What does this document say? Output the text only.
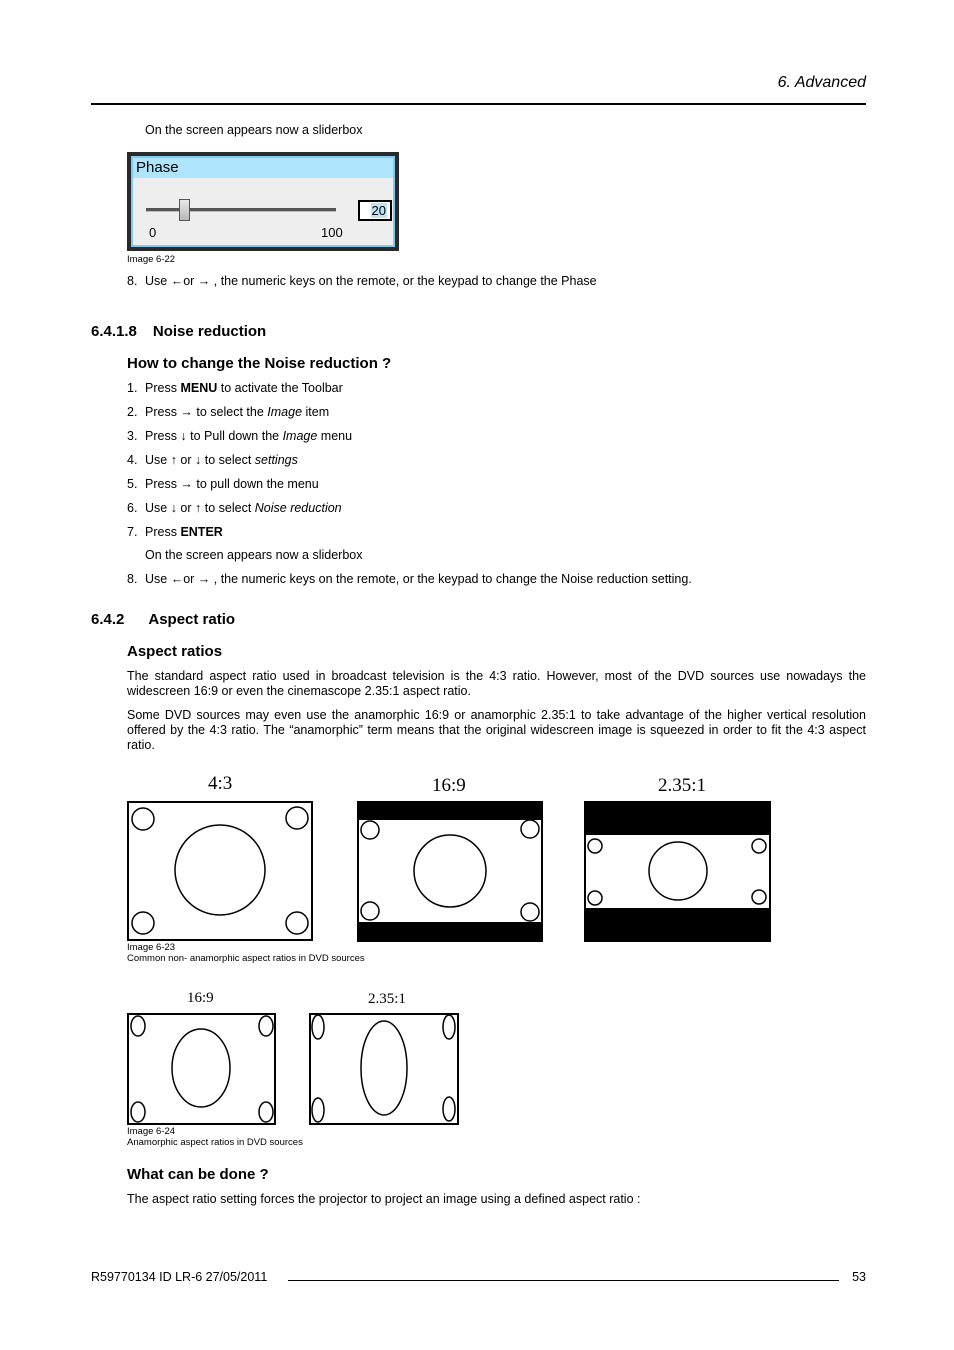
6. Advanced
On the screen appears now a sliderbox
Phase
20
0	100
Image 6-22
8. Use ←or → , the numeric keys on the remote, or the keypad to change the Phase
6.4.1.8 Noise reduction
How to change the Noise reduction ?
1. Press MENU to activate the Toolbar
2. Press → to select the Image item
3. Press ↓ to Pull down the Image menu
4. Use ↑ or ↓ to select settings
5. Press → to pull down the menu
6. Use ↓ or ↑ to select Noise reduction
7. Press ENTER
On the screen appears now a sliderbox
8. Use ←or → , the numeric keys on the remote, or the keypad to change the Noise reduction setting.
6.4.2 Aspect ratio
Aspect ratios
The standard aspect ratio used in broadcast television is the 4:3 ratio. However, most of the DVD sources use nowadays the widescreen 16:9 or even the cinemascope 2.35:1 aspect ratio.
Some DVD sources may even use the anamorphic 16:9 or anamorphic 2.35:1 to take advantage of the higher vertical resolution offered by the 4:3 ratio. The “anamorphic” term means that the original widescreen image is squeezed in order to fit the 4:3 aspect ratio.
4:3	16:9	2.35:1
Image 6-23
Common non- anamorphic aspect ratios in DVD sources
16:9	2.35:1
Image 6-24
Anamorphic aspect ratios in DVD sources
What can be done ?
The aspect ratio setting forces the projector to project an image using a defined aspect ratio :
R59770134 ID LR-6 27/05/2011	53
